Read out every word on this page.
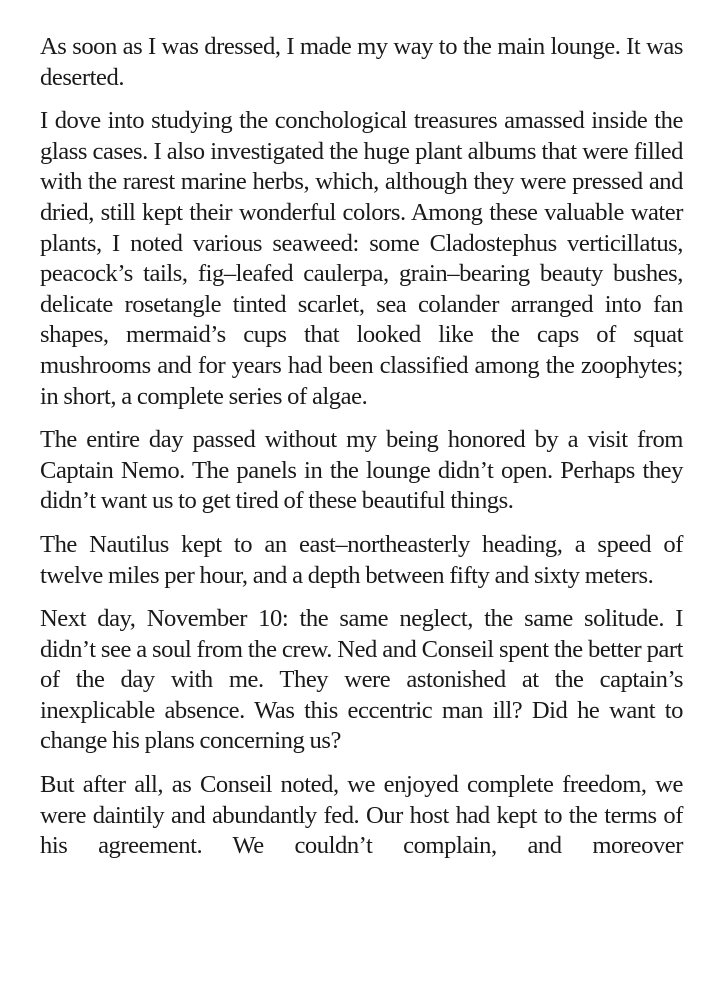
As soon as I was dressed, I made my way to the main lounge. It was deserted.

I dove into studying the conchological treasures amassed inside the glass cases. I also investigated the huge plant albums that were filled with the rarest marine herbs, which, although they were pressed and dried, still kept their wonderful colors. Among these valuable water plants, I noted various seaweed: some Cladostephus verticillatus, peacock’s tails, fig–leafed caulerpa, grain–bearing beauty bushes, delicate rosetangle tinted scarlet, sea colander arranged into fan shapes, mermaid’s cups that looked like the caps of squat mushrooms and for years had been classified among the zoophytes; in short, a complete series of algae.

The entire day passed without my being honored by a visit from Captain Nemo. The panels in the lounge didn’t open. Perhaps they didn’t want us to get tired of these beautiful things.

The Nautilus kept to an east–northeasterly heading, a speed of twelve miles per hour, and a depth between fifty and sixty meters.

Next day, November 10: the same neglect, the same solitude. I didn’t see a soul from the crew. Ned and Conseil spent the better part of the day with me. They were astonished at the captain’s inexplicable absence. Was this eccentric man ill? Did he want to change his plans concerning us?

But after all, as Conseil noted, we enjoyed complete freedom, we were daintily and abundantly fed. Our host had kept to the terms of his agreement. We couldn’t complain, and moreover
